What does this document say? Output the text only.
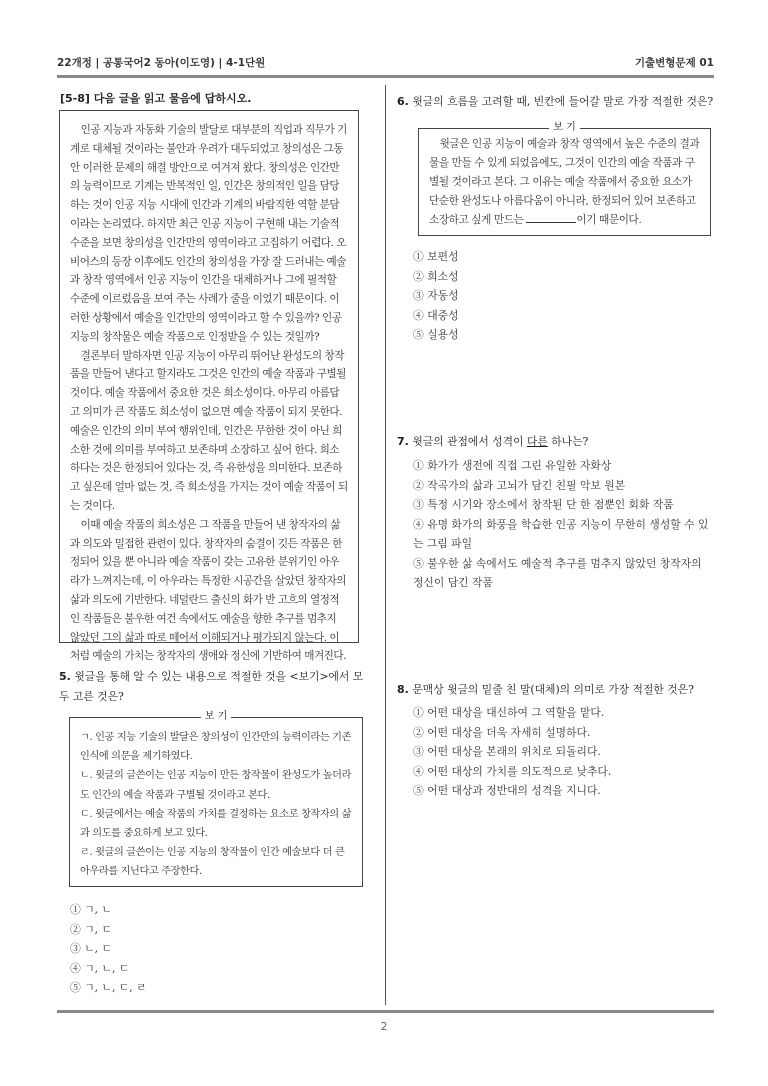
22개정 | 공통국어2 동아(이도영) | 4-1단원	기출변형문제 01
[5-8] 다음 글을 읽고 물음에 답하시오.

인공 지능과 자동화 기술의 발달로 대부분의 직업과 직무가 기계로 대체될 것이라는 불안과 우려가 대두되었고 창의성은 그동안 이러한 문제의 해결 방안으로 여겨져 왔다. 창의성은 인간만의 능력이므로 기계는 반복적인 일, 인간은 창의적인 일을 담당하는 것이 인공 지능 시대에 인간과 기계의 바람직한 역할 분담이라는 논리였다. 하지만 최근 인공 지능이 구현해 내는 기술적 수준을 보면 창의성을 인간만의 영역이라고 고집하기 어렵다. 오비어스의 등장 이후에도 인간의 창의성을 가장 잘 드러내는 예술과 창작 영역에서 인공 지능이 인간을 대체하거나 그에 필적할 수준에 이르렀음을 보여 주는 사례가 줄을 이었기 때문이다. 이러한 상황에서 예술을 인간만의 영역이라고 할 수 있을까? 인공 지능의 창작물은 예술 작품으로 인정받을 수 있는 것일까?

결론부터 말하자면 인공 지능이 아무리 뛰어난 완성도의 창작품을 만들어 낸다고 할지라도 그것은 인간의 예술 작품과 구별될 것이다. 예술 작품에서 중요한 것은 희소성이다. 아무리 아름답고 의미가 큰 작품도 희소성이 없으면 예술 작품이 되지 못한다. 예술은 인간의 의미 부여 행위인데, 인간은 무한한 것이 아닌 희소한 것에 의미를 부여하고 보존하며 소장하고 싶어 한다. 희소하다는 것은 한정되어 있다는 것, 즉 유한성을 의미한다. 보존하고 싶은데 얼마 없는 것, 즉 희소성을 가지는 것이 예술 작품이 되는 것이다.

이때 예술 작품의 희소성은 그 작품을 만들어 낸 창작자의 삶과 의도와 밀접한 관련이 있다. 창작자의 숨결이 깃든 작품은 한정되어 있을 뿐 아니라 예술 작품이 갖는 고유한 분위기인 아우라가 느껴지는데, 이 아우라는 특정한 시공간을 살았던 창작자의 삶과 의도에 기반한다. 네덜란드 출신의 화가 반 고흐의 열정적인 작품들은 불우한 여건 속에서도 예술을 향한 추구를 멈추지 않았던 그의 삶과 따로 떼어서 이해되거나 평가되지 않는다. 이처럼 예술의 가치는 창작자의 생애와 정신에 기반하여 매겨진다.

5. 윗글을 통해 알 수 있는 내용으로 적절한 것을 <보기>에서 모두 고른 것은?
보 기
ㄱ. 인공 지능 기술의 발달은 창의성이 인간만의 능력이라는 기존 인식에 의문을 제기하였다.
ㄴ. 윗글의 글쓴이는 인공 지능이 만든 창작물이 완성도가 높더라도 인간의 예술 작품과 구별될 것이라고 본다.
ㄷ. 윗글에서는 예술 작품의 가치를 결정하는 요소로 창작자의 삶과 의도를 중요하게 보고 있다.
ㄹ. 윗글의 글쓴이는 인공 지능의 창작물이 인간 예술보다 더 큰 아우라를 지닌다고 주장한다.
① ㄱ, ㄴ
② ㄱ, ㄷ
③ ㄴ, ㄷ
④ ㄱ, ㄴ, ㄷ
⑤ ㄱ, ㄴ, ㄷ, ㄹ
6. 윗글의 흐름을 고려할 때, 빈칸에 들어갈 말로 가장 적절한 것은?
보 기
윗글은 인공 지능이 예술과 창작 영역에서 높은 수준의 결과물을 만들 수 있게 되었음에도, 그것이 인간의 예술 작품과 구별될 것이라고 본다. 그 이유는 예술 작품에서 중요한 요소가 단순한 완성도나 아름다움이 아니라, 한정되어 있어 보존하고 소장하고 싶게 만드는	이기 때문이다.
① 보편성
② 희소성
③ 자동성
④ 대중성
⑤ 실용성
7. 윗글의 관점에서 성격이 다른 하나는?
① 화가가 생전에 직접 그린 유일한 자화상
② 작곡가의 삶과 고뇌가 담긴 친필 악보 원본
③ 특정 시기와 장소에서 창작된 단 한 점뿐인 회화 작품
④ 유명 화가의 화풍을 학습한 인공 지능이 무한히 생성할 수 있는 그림 파일
⑤ 불우한 삶 속에서도 예술적 추구를 멈추지 않았던 창작자의 정신이 담긴 작품
8. 문맥상 윗글의 밑줄 친 말(대체)의 의미로 가장 적절한 것은?
① 어떤 대상을 대신하여 그 역할을 맡다.
② 어떤 대상을 더욱 자세히 설명하다.
③ 어떤 대상을 본래의 위치로 되돌리다.
④ 어떤 대상의 가치를 의도적으로 낮추다.
⑤ 어떤 대상과 정반대의 성격을 지니다.
2
